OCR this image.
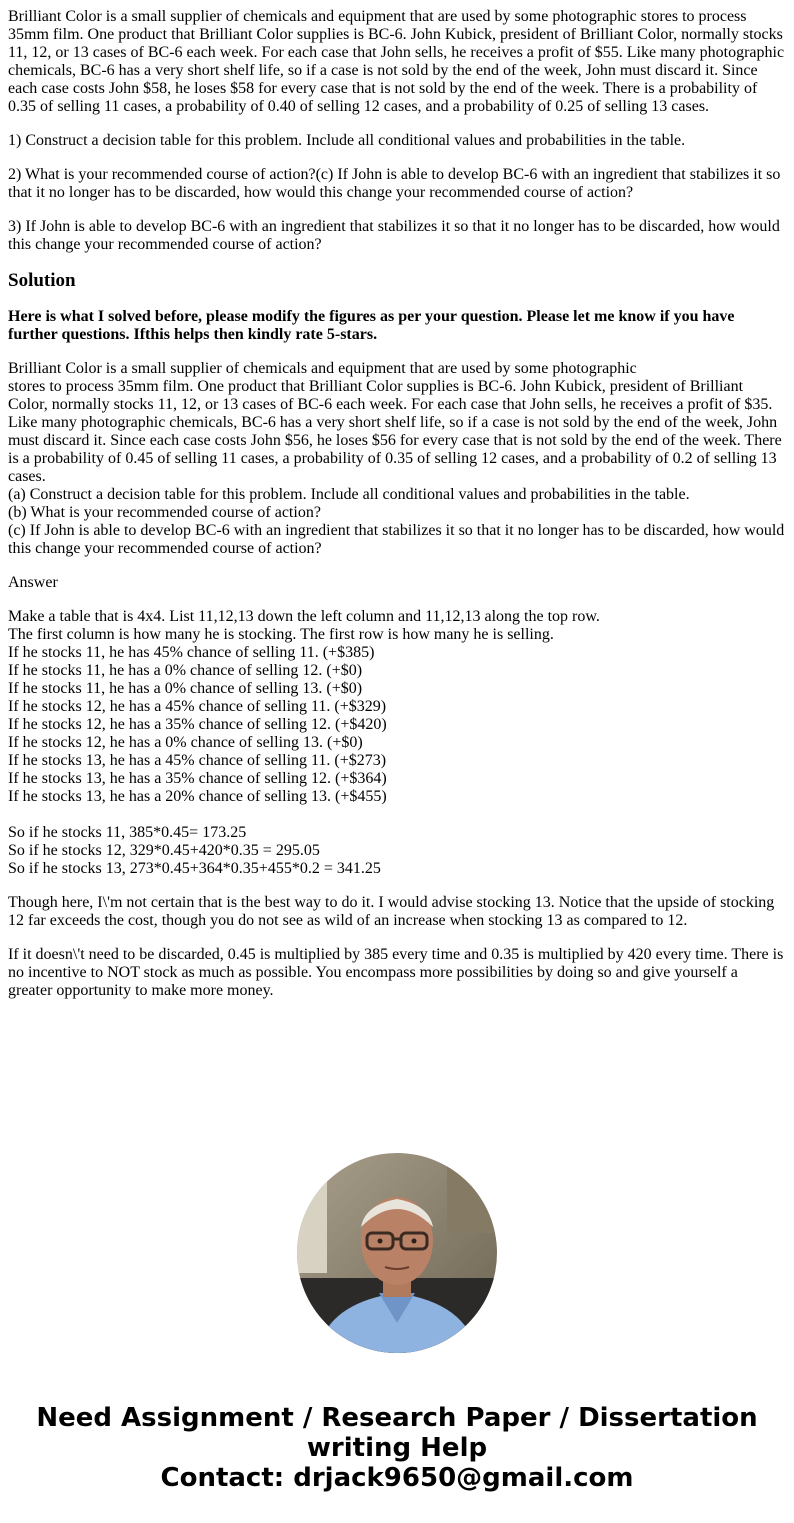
Brilliant Color is a small supplier of chemicals and equipment that are used by some photographic stores to process 35mm film. One product that Brilliant Color supplies is BC-6. John Kubick, president of Brilliant Color, normally stocks 11, 12, or 13 cases of BC-6 each week. For each case that John sells, he receives a profit of $55. Like many photographic chemicals, BC-6 has a very short shelf life, so if a case is not sold by the end of the week, John must discard it. Since each case costs John $58, he loses $58 for every case that is not sold by the end of the week. There is a probability of 0.35 of selling 11 cases, a probability of 0.40 of selling 12 cases, and a probability of 0.25 of selling 13 cases.

1) Construct a decision table for this problem. Include all conditional values and probabilities in the table.

2) What is your recommended course of action?(c) If John is able to develop BC-6 with an ingredient that stabilizes it so that it no longer has to be discarded, how would this change your recommended course of action?

3) If John is able to develop BC-6 with an ingredient that stabilizes it so that it no longer has to be discarded, how would this change your recommended course of action?

Solution

Here is what I solved before, please modify the figures as per your question. Please let me know if you have further questions. Ifthis helps then kindly rate 5-stars.

Brilliant Color is a small supplier of chemicals and equipment that are used by some photographic
stores to process 35mm film. One product that Brilliant Color supplies is BC-6. John Kubick, president of Brilliant Color, normally stocks 11, 12, or 13 cases of BC-6 each week. For each case that John sells, he receives a profit of $35. Like many photographic chemicals, BC-6 has a very short shelf life, so if a case is not sold by the end of the week, John must discard it. Since each case costs John $56, he loses $56 for every case that is not sold by the end of the week. There is a probability of 0.45 of selling 11 cases, a probability of 0.35 of selling 12 cases, and a probability of 0.2 of selling 13 cases.
(a) Construct a decision table for this problem. Include all conditional values and probabilities in the table.
(b) What is your recommended course of action?
(c) If John is able to develop BC-6 with an ingredient that stabilizes it so that it no longer has to be discarded, how would this change your recommended course of action?

Answer

Make a table that is 4x4. List 11,12,13 down the left column and 11,12,13 along the top row.
The first column is how many he is stocking. The first row is how many he is selling.
If he stocks 11, he has 45% chance of selling 11. (+$385)
If he stocks 11, he has a 0% chance of selling 12. (+$0)
If he stocks 11, he has a 0% chance of selling 13. (+$0)
If he stocks 12, he has a 45% chance of selling 11. (+$329)
If he stocks 12, he has a 35% chance of selling 12. (+$420)
If he stocks 12, he has a 0% chance of selling 13. (+$0)
If he stocks 13, he has a 45% chance of selling 11. (+$273)
If he stocks 13, he has a 35% chance of selling 12. (+$364)
If he stocks 13, he has a 20% chance of selling 13. (+$455)

So if he stocks 11, 385*0.45= 173.25
So if he stocks 12, 329*0.45+420*0.35 = 295.05
So if he stocks 13, 273*0.45+364*0.35+455*0.2 = 341.25

Though here, I\'m not certain that is the best way to do it. I would advise stocking 13. Notice that the upside of stocking 12 far exceeds the cost, though you do not see as wild of an increase when stocking 13 as compared to 12.

If it doesn\'t need to be discarded, 0.45 is multiplied by 385 every time and 0.35 is multiplied by 420 every time. There is no incentive to NOT stock as much as possible. You encompass more possibilities by doing so and give yourself a greater opportunity to make more money.

Need Assignment / Research Paper / Dissertation
writing Help
Contact: drjack9650@gmail.com
